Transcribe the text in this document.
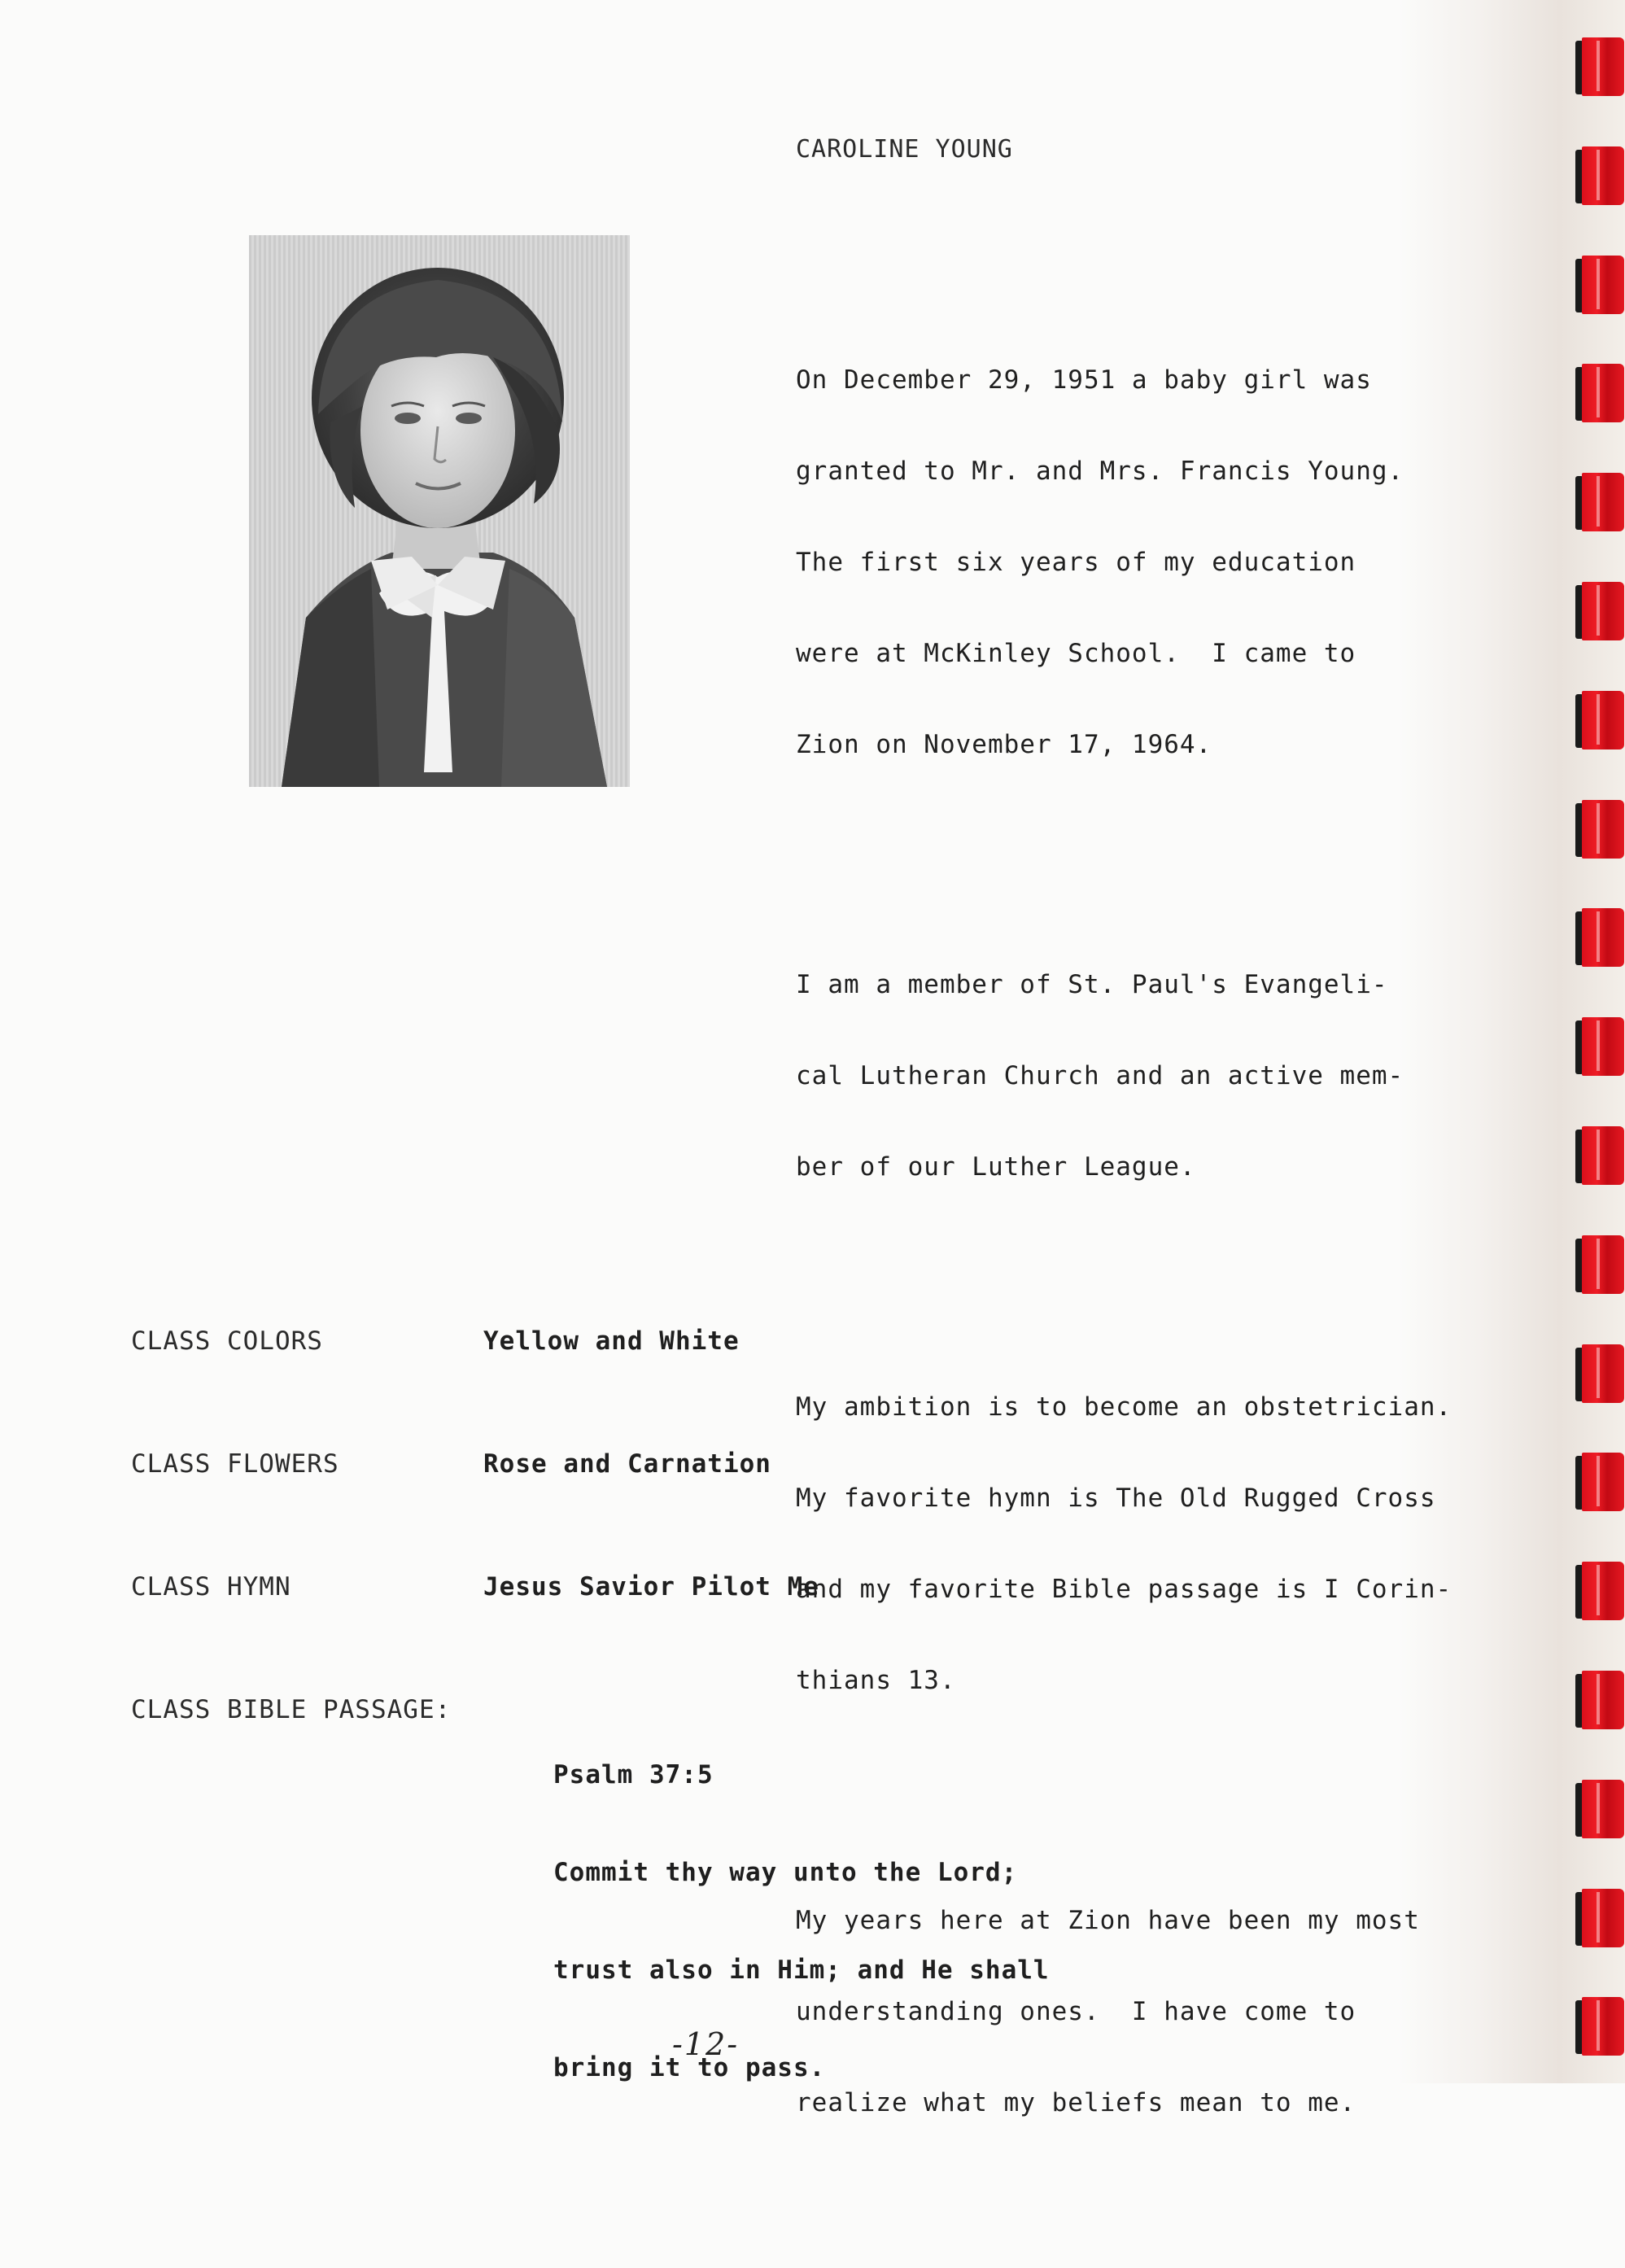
CAROLINE YOUNG

On December 29, 1951 a baby girl was

granted to Mr. and Mrs. Francis Young.

The first six years of my education

were at McKinley School.  I came to

Zion on November 17, 1964.

I am a member of St. Paul's Evangeli-

cal Lutheran Church and an active mem-

ber of our Luther League.

My ambition is to become an obstetrician.

My favorite hymn is The Old Rugged Cross

and my favorite Bible passage is I Corin-

thians 13.

My years here at Zion have been my most

understanding ones.  I have come to

realize what my beliefs mean to me.

CLASS COLORS

	Yellow and White

CLASS FLOWERS

	Rose and Carnation

CLASS HYMN

	Jesus Savior Pilot Me

CLASS BIBLE PASSAGE:

Psalm 37:5

Commit thy way unto the Lord;

trust also in Him; and He shall

bring it to pass.

-12-
